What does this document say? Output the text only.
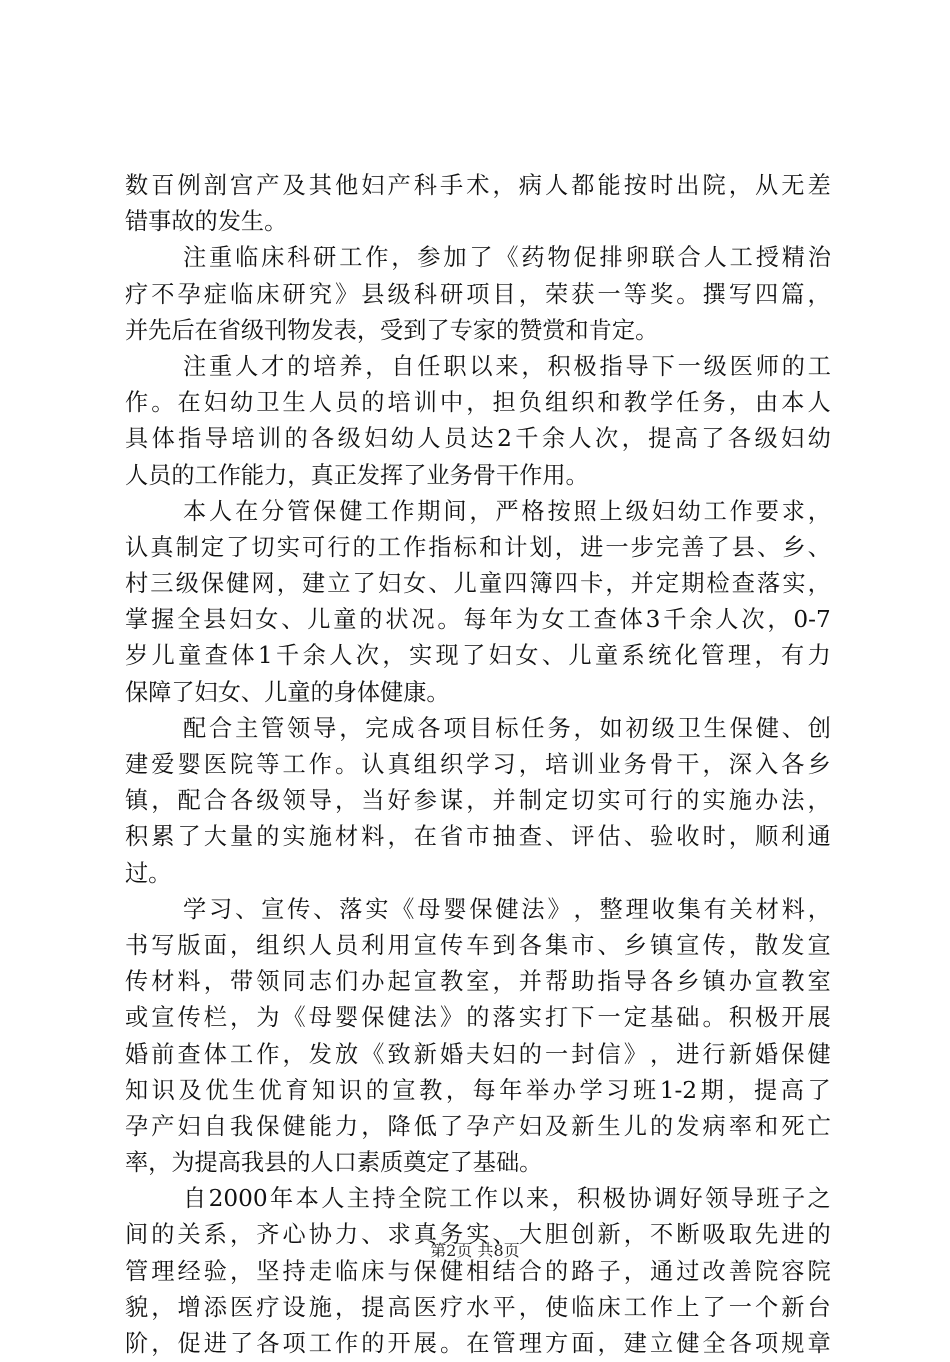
数 百 例 剖 宫 产 及 其 他 妇 产 科 手 术 ， 病 人 都 能 按 时 出 院 ， 从 无 差
错事故的发生。
注 重 临 床 科 研 工 作 ， 参 加 了 《 药 物 促 排 卵 联 合 人 工 授 精 治
疗 不 孕 症 临 床 研 究 》 县 级 科 研 项 目 ， 荣 获 一 等 奖 。 撰 写 四 篇 ，
并先后在省级刊物发表，受到了专家的赞赏和肯定。
注 重 人 才 的 培 养 ， 自 任 职 以 来 ， 积 极 指 导 下 一 级 医 师 的 工
作 。 在 妇 幼 卫 生 人 员 的 培 训 中 ， 担 负 组 织 和 教 学 任 务 ， 由 本 人
具 体 指 导 培 训 的 各 级 妇 幼 人 员 达 2 千 余 人 次 ， 提 高 了 各 级 妇 幼
人员的工作能力，真正发挥了业务骨干作用。
本 人 在 分 管 保 健 工 作 期 间 ， 严 格 按 照 上 级 妇 幼 工 作 要 求 ，
认 真 制 定 了 切 实 可 行 的 工 作 指 标 和 计 划 ， 进 一 步 完 善 了 县 、 乡 、
村 三 级 保 健 网 ， 建 立 了 妇 女 、 儿 童 四 簿 四 卡 ， 并 定 期 检 查 落 实 ，
掌 握 全 县 妇 女 、 儿 童 的 状 况 。 每 年 为 女 工 查 体 3 千 余 人 次 ， 0-7
岁 儿 童 查 体 1 千 余 人 次 ， 实 现 了 妇 女 、 儿 童 系 统 化 管 理 ， 有 力
保障了妇女、儿童的身体健康。
配 合 主 管 领 导 ， 完 成 各 项 目 标 任 务 ， 如 初 级 卫 生 保 健 、 创
建 爱 婴 医 院 等 工 作 。 认 真 组 织 学 习 ， 培 训 业 务 骨 干 ， 深 入 各 乡
镇 ， 配 合 各 级 领 导 ， 当 好 参 谋 ， 并 制 定 切 实 可 行 的 实 施 办 法 ，
积 累 了 大 量 的 实 施 材 料 ， 在 省 市 抽 查 、 评 估 、 验 收 时 ， 顺 利 通
过。
学 习 、 宣 传 、 落 实 《 母 婴 保 健 法 》 ， 整 理 收 集 有 关 材 料 ，
书 写 版 面 ， 组 织 人 员 利 用 宣 传 车 到 各 集 市 、 乡 镇 宣 传 ， 散 发 宣
传 材 料 ， 带 领 同 志 们 办 起 宣 教 室 ， 并 帮 助 指 导 各 乡 镇 办 宣 教 室
或 宣 传 栏 ， 为 《 母 婴 保 健 法 》 的 落 实 打 下 一 定 基 础 。 积 极 开 展
婚 前 查 体 工 作 ， 发 放 《 致 新 婚 夫 妇 的 一 封 信 》 ， 进 行 新 婚 保 健
知 识 及 优 生 优 育 知 识 的 宣 教 ， 每 年 举 办 学 习 班 1-2 期 ， 提 高 了
孕 产 妇 自 我 保 健 能 力 ， 降 低 了 孕 产 妇 及 新 生 儿 的 发 病 率 和 死 亡
率，为提高我县的人口素质奠定了基础。
自 2000 年 本 人 主 持 全 院 工 作 以 来 ， 积 极 协 调 好 领 导 班 子 之
间 的 关 系 ， 齐 心 协 力 、 求 真 务 实 、 大 胆 创 新 ， 不 断 吸 取 先 进 的
管 理 经 验 ， 坚 持 走 临 床 与 保 健 相 结 合 的 路 子 ， 通 过 改 善 院 容 院
貌 ， 增 添 医 疗 设 施 ， 提 高 医 疗 水 平 ， 使 临 床 工 作 上 了 一 个 新 台
阶 ， 促 进 了 各 项 工 作 的 开 展 。 在 管 理 方 面 ， 建 立 健 全 各 项 规 章
第2页 共8页
